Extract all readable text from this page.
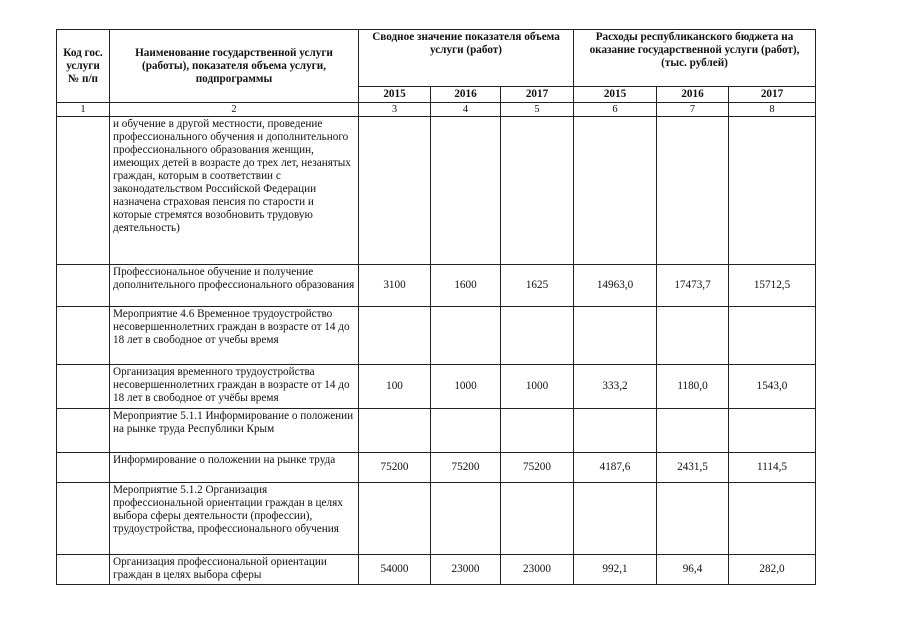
Код гос. услуги № п/п	Наименование государственной услуги (работы), показателя объема услуги, подпрограммы	Сводное значение показателя объема услуги (работ)			Расходы республиканского бюджета на оказание государственной услуги (работ), (тыс. рублей)		
		2015	2016	2017	2015	2016	2017
1	2	3	4	5	6	7	8
	и обучение в другой местности, проведение профессионального обучения и дополнительного профессионального образования женщин, имеющих детей в возрасте до трех лет, незанятых граждан, которым в соответствии с законодательством Российской Федерации назначена страховая пенсия по старости и которые стремятся возобновить трудовую деятельность)						
	Профессиональное обучение и получение дополнительного профессионального образования	3100	1600	1625	14963,0	17473,7	15712,5
	Мероприятие 4.6 Временное трудоустройство несовершеннолетних граждан в возрасте от 14 до 18 лет в свободное от учебы время						
	Организация временного трудоустройства несовершеннолетних граждан в возрасте от 14 до 18 лет в свободное от учёбы время	100	1000	1000	333,2	1180,0	1543,0
	Мероприятие 5.1.1 Информирование о положении на рынке труда Республики Крым						
	Информирование о положении на рынке труда	75200	75200	75200	4187,6	2431,5	1114,5
	Мероприятие 5.1.2 Организация профессиональной ориентации граждан в целях выбора сферы деятельности (профессии), трудоустройства, профессионального обучения						
	Организация профессиональной ориентации граждан в целях выбора сферы	54000	23000	23000	992,1	96,4	282,0
